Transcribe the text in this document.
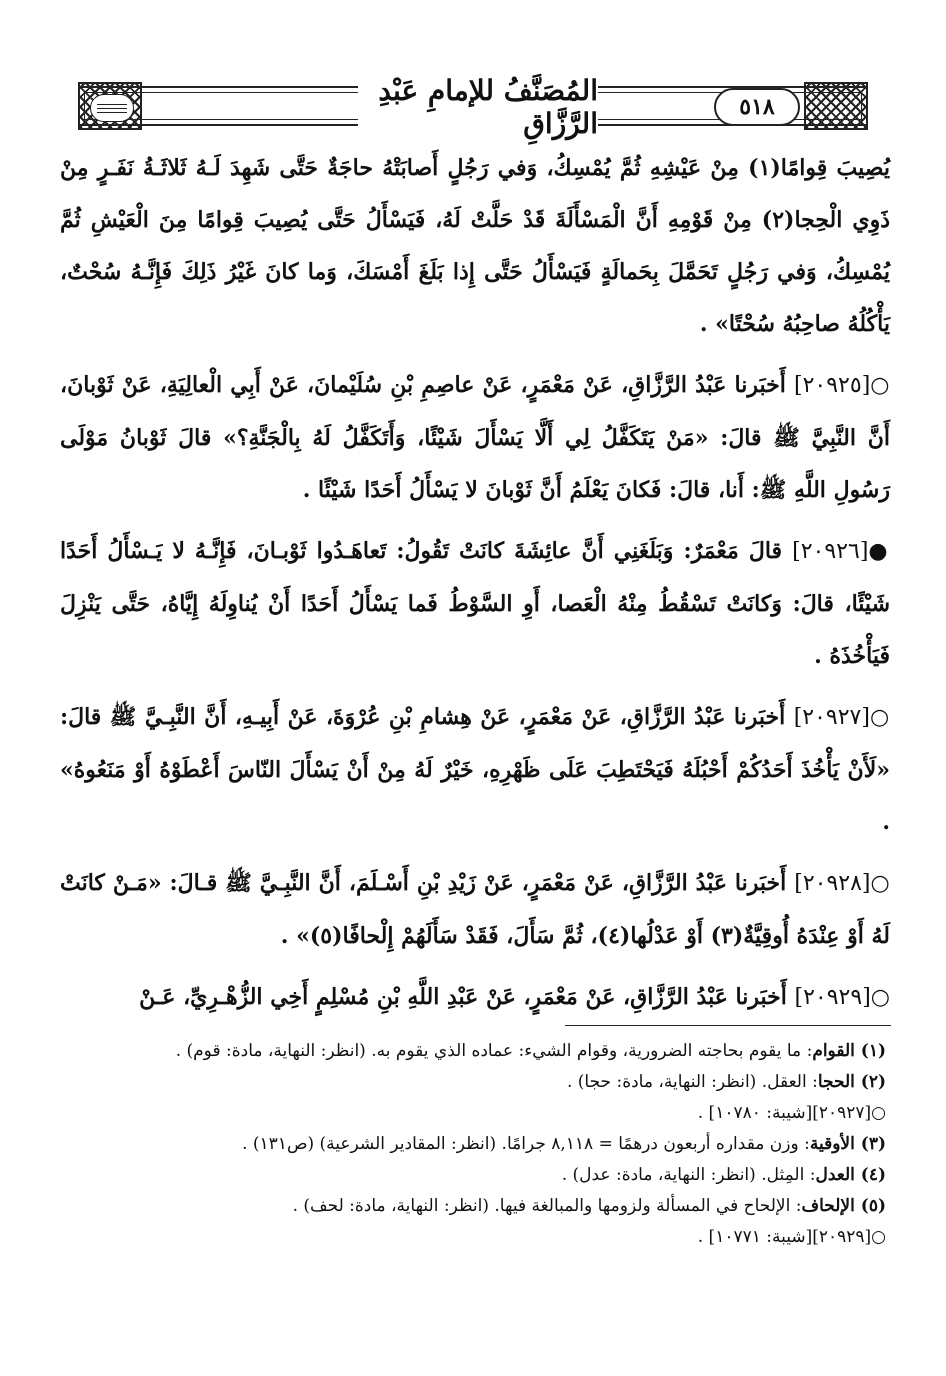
المُصَنَّفُ للإمامِ عَبْدِ الرَّزَّاقِ	٥١٨

يُصِيبَ قِوامًا(١) مِنْ عَيْشِهِ ثُمَّ يُمْسِكُ، وَفي رَجُلٍ أَصابَتْهُ حاجَةٌ حَتَّى شَهِدَ لَـهُ ثَلاثَـةُ نَفَـرٍ مِنْ ذَوِي الْحِجا(٢) مِنْ قَوْمِهِ أَنَّ الْمَسْأَلَةَ قَدْ حَلَّتْ لَهُ، فَيَسْأَلُ حَتَّى يُصِيبَ قِوامًا مِنَ الْعَيْشِ ثُمَّ يُمْسِكُ، وَفي رَجُلٍ تَحَمَّلَ بِحَمالَةٍ فَيَسْأَلُ حَتَّى إِذا بَلَغَ أَمْسَكَ، وَما كانَ غَيْرُ ذَلِكَ فَإِنَّـهُ سُحْتٌ، يَأْكُلُهُ صاحِبُهُ سُحْتًا» .

○[٢٠٩٢٥] أَخبَرنا عَبْدُ الرَّزَّاقِ، عَنْ مَعْمَرٍ، عَنْ عاصِمِ بْنِ سُلَيْمانَ، عَنْ أَبِي الْعالِيَةِ، عَنْ ثَوْبانَ، أَنَّ النَّبِيَّ ﷺ قالَ: «مَنْ يَتَكَفَّلُ لِي أَلَّا يَسْأَلَ شَيْئًا، وَأَتَكَفَّلُ لَهُ بِالْجَنَّةِ؟» قالَ ثَوْبانُ مَوْلَى رَسُولِ اللَّهِ ﷺ: أَنا، قالَ: فَكانَ يَعْلَمُ أَنَّ ثَوْبانَ لا يَسْأَلُ أَحَدًا شَيْئًا .

●[٢٠٩٢٦] قالَ مَعْمَرٌ: وَبَلَغَنِي أَنَّ عائِشَةَ كانَتْ تَقُولُ: تَعاهَـدُوا ثَوْبـانَ، فَإِنَّـهُ لا يَـسْأَلُ أَحَدًا شَيْئًا، قالَ: وَكانَتْ تَسْقُطُ مِنْهُ الْعَصا، أَوِ السَّوْطُ فَما يَسْأَلُ أَحَدًا أَنْ يُناوِلَهُ إِيَّاهُ، حَتَّى يَنْزِلَ فَيَأْخُذَهُ .

○[٢٠٩٢٧] أَخبَرنا عَبْدُ الرَّزَّاقِ، عَنْ مَعْمَرٍ، عَنْ هِشامِ بْنِ عُرْوَةَ، عَنْ أَبِيـهِ، أَنَّ النَّبِـيَّ ﷺ قالَ: «لَأَنْ يَأْخُذَ أَحَدُكُمْ أَحْبُلَهُ فَيَحْتَطِبَ عَلَى ظَهْرِهِ، خَيْرٌ لَهُ مِنْ أَنْ يَسْأَلَ النّاسَ أَعْطَوْهُ أَوْ مَنَعُوهُ» .

○[٢٠٩٢٨] أَخبَرنا عَبْدُ الرَّزَّاقِ، عَنْ مَعْمَرٍ، عَنْ زَيْدِ بْنِ أَسْـلَمَ، أَنَّ النَّبِـيَّ ﷺ قـالَ: «مَـنْ كانَتْ لَهُ أَوْ عِنْدَهُ أُوقِيَّةٌ(٣) أَوْ عَدْلُها(٤)، ثُمَّ سَأَلَ، فَقَدْ سَأَلَهُمْ إِلْحافًا(٥)» .

○[٢٠٩٢٩] أَخبَرنا عَبْدُ الرَّزَّاقِ، عَنْ مَعْمَرٍ، عَنْ عَبْدِ اللَّهِ بْنِ مُسْلِمٍ أَخِي الزُّهْـرِيِّ، عَـنْ

(١) القوام: ما يقوم بحاجته الضرورية، وقوام الشيء: عماده الذي يقوم به. (انظر: النهاية، مادة: قوم) .

(٢) الحجا: العقل. (انظر: النهاية، مادة: حجا) .

○[٢٠٩٢٧][شيبة: ١٠٧٨٠] .

(٣) الأوقية: وزن مقداره أربعون درهمًا = ٨,١١٨ جرامًا. (انظر: المقادير الشرعية) (ص١٣١) .

(٤) العدل: المِثل. (انظر: النهاية، مادة: عدل) .

(٥) الإلحاف: الإلحاح في المسألة ولزومها والمبالغة فيها. (انظر: النهاية، مادة: لحف) .

○[٢٠٩٢٩][شيبة: ١٠٧٧١] .
